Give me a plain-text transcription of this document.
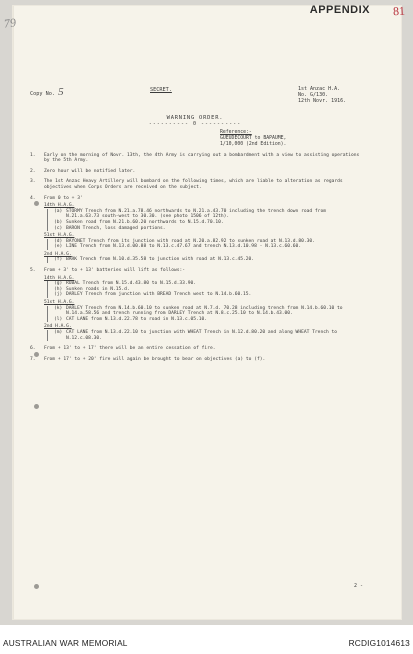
APPENDIX 81
79
Copy No. 5	SECRET.	1st Anzac H.A.
No. G/130.
12th Novr. 1916.
WARNING ORDER.
---------- 0 ----------
Reference:-
GUEUDECOURT to BAPAUME,
1/10,000 (2nd Edition).
1. Early on the morning of Novr. 13th, the 4th Army is carrying out a bombardment with a view to assisting operations by the 5th Army.
2. Zero hour will be notified later.
3. The 1st Anzac Heavy Artillery will bombard on the following times, which are liable to alteration as regards objectives when Corps Orders are received on the subject.
4. From 0 to + 3'
14th H.A.G.
(a) STORMY Trench from N.21.a.78.46 northwards to N.21.a.43.70 including the trench down road from N.21.a.63.73 south-west to 30.30. (see photo 1506 of 12th).
(b) Sunken road from N.21.b.60.20 northwards to N.15.d.70.10.
(c) BARON Trench, loss damaged portions.
51st H.A.G.
(d) BAYONET Trench from its junction with road at N.20.a.82.92 to sunken road at N.13.d.80.30.
(e) LINE Trench from N.13.d.00.88 to N.13.c.47.67 and trench N.13.d.10.98 - N.13.c.60.60.
2nd H.A.G.
(f) BARK Trench from N.10.d.35.58 to junction with road at N.13.c.45.20.
5. From + 3' to + 13' batteries will lift as follows:-
14th H.A.G.
(g) RUBAL Trench from N.15.d.43.80 to N.15.d.33.90.
(h) Sunken roads in N.15.d.
(j) DARLEY Trench from junction with BREAD Trench west to N.14.b.60.15.
51st H.A.G.
(k) DARLEY Trench from N.14.b.60.10 to sunken road at N.7.d. 70.28 including trench from N.14.b.60.10 to N.14.a.58.56 and trench running from DARLEY Trench at N.8.c.25.10 to N.14.b.43.00.
(l) CAT LANE from N.13.d.22.78 to road in N.13.c.05.10.
2nd H.A.G.
(m) CAT LANE from N.13.d.22.10 to junction with WHEAT Trench in N.12.d.80.20 and along WHEAT Trench to N.12.c.08.30.
6. From + 13' to + 17' there will be an entire cessation of fire.
7. From + 17' to + 20' fire will again be brought to bear on objectives (a) to (f).
2 -
AUSTRALIAN WAR MEMORIAL	RCDIG1014613
